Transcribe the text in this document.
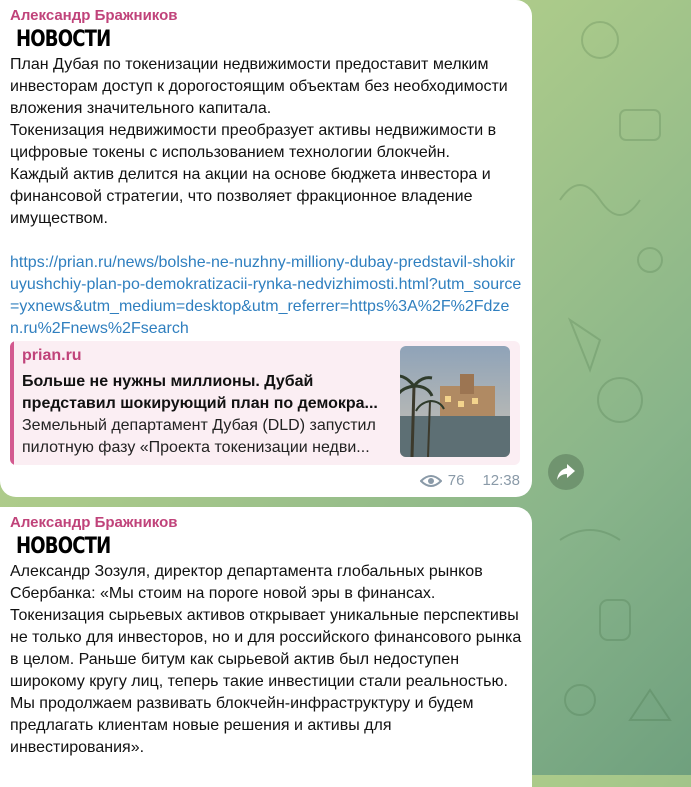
Александр Бражников
НОВОСТИ
План Дубая по токенизации недвижимости предоставит мелким инвесторам доступ к дорогостоящим объектам без необходимости вложения значительного капитала.
Токенизация недвижимости преобразует активы недвижимости в цифровые токены с использованием технологии блокчейн.
Каждый актив делится на акции на основе бюджета инвестора и финансовой стратегии, что позволяет фракционное владение имуществом.
https://prian.ru/news/bolshe-ne-nuzhny-milliony-dubay-predstavil-shokiruyushchiy-plan-po-demokratizacii-rynka-nedvizhimosti.html?utm_source=yxnews&utm_medium=desktop&utm_referrer=https%3A%2F%2Fdzen.ru%2Fnews%2Fsearch
prian.ru
Больше не нужны миллионы. Дубай представил шокирующий план по демокра...
Земельный департамент Дубая (DLD) запустил пилотную фазу «Проекта токенизации недви...
76 12:38
Александр Бражников
НОВОСТИ
Александр Зозуля, директор департамента глобальных рынков Сбербанка: «Мы стоим на пороге новой эры в финансах. Токенизация сырьевых активов открывает уникальные перспективы не только для инвесторов, но и для российского финансового рынка в целом. Раньше битум как сырьевой актив был недоступен широкому кругу лиц, теперь такие инвестиции стали реальностью. Мы продолжаем развивать блокчейн-инфраструктуру и будем предлагать клиентам новые решения и активы для инвестирования».
